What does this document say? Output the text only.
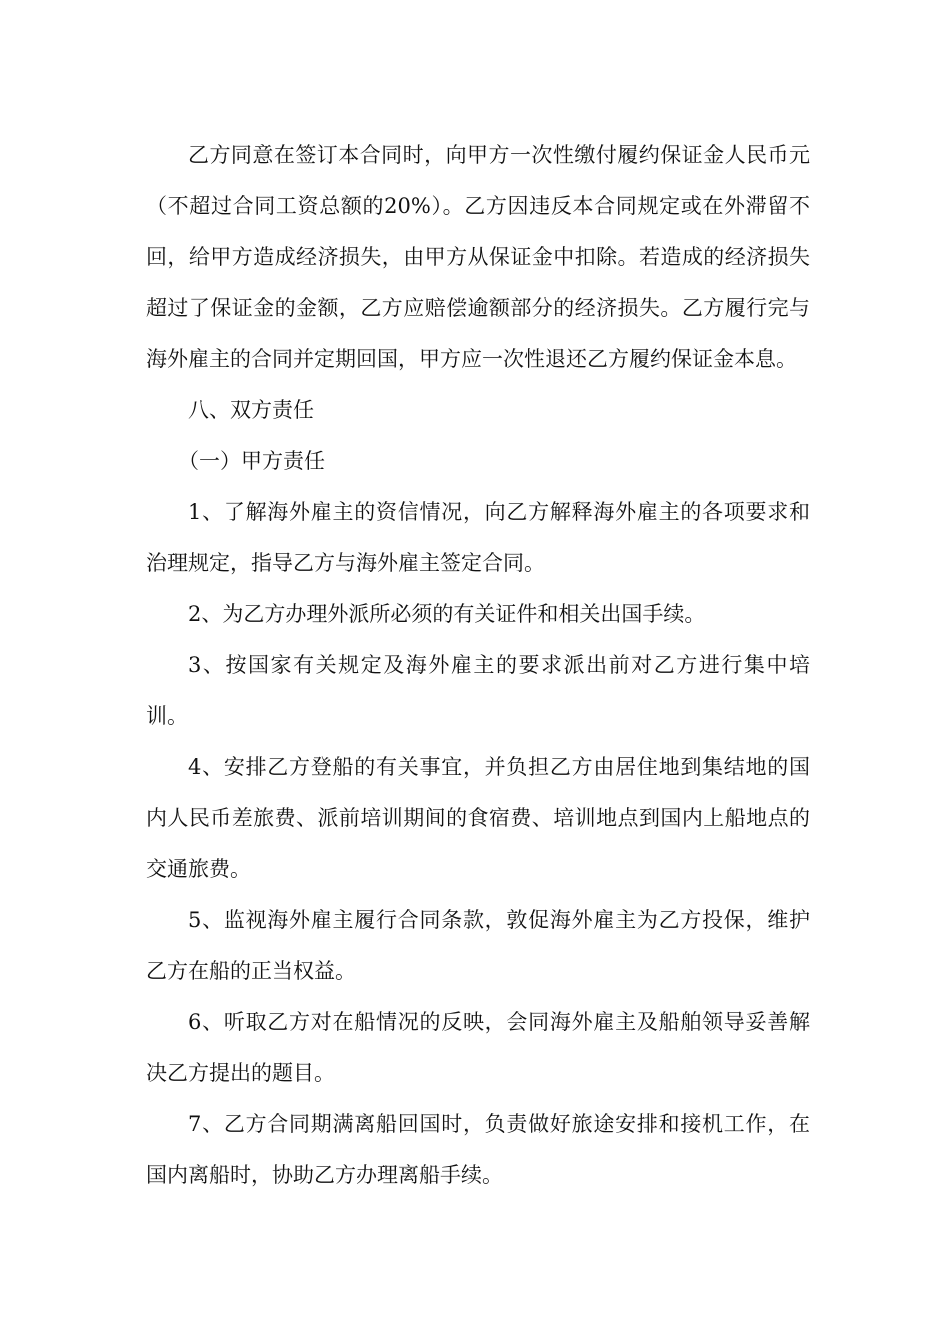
乙方同意在签订本合同时，向甲方一次性缴付履约保证金人民币元（不超过合同工资总额的20%）。乙方因违反本合同规定或在外滞留不回，给甲方造成经济损失，由甲方从保证金中扣除。若造成的经济损失超过了保证金的金额，乙方应赔偿逾额部分的经济损失。乙方履行完与海外雇主的合同并定期回国，甲方应一次性退还乙方履约保证金本息。

八、双方责任

（一）甲方责任

1、了解海外雇主的资信情况，向乙方解释海外雇主的各项要求和治理规定，指导乙方与海外雇主签定合同。

2、为乙方办理外派所必须的有关证件和相关出国手续。

3、按国家有关规定及海外雇主的要求派出前对乙方进行集中培训。

4、安排乙方登船的有关事宜，并负担乙方由居住地到集结地的国内人民币差旅费、派前培训期间的食宿费、培训地点到国内上船地点的交通旅费。

5、监视海外雇主履行合同条款，敦促海外雇主为乙方投保，维护乙方在船的正当权益。

6、听取乙方对在船情况的反映，会同海外雇主及船舶领导妥善解决乙方提出的题目。

7、乙方合同期满离船回国时，负责做好旅途安排和接机工作，在国内离船时，协助乙方办理离船手续。
